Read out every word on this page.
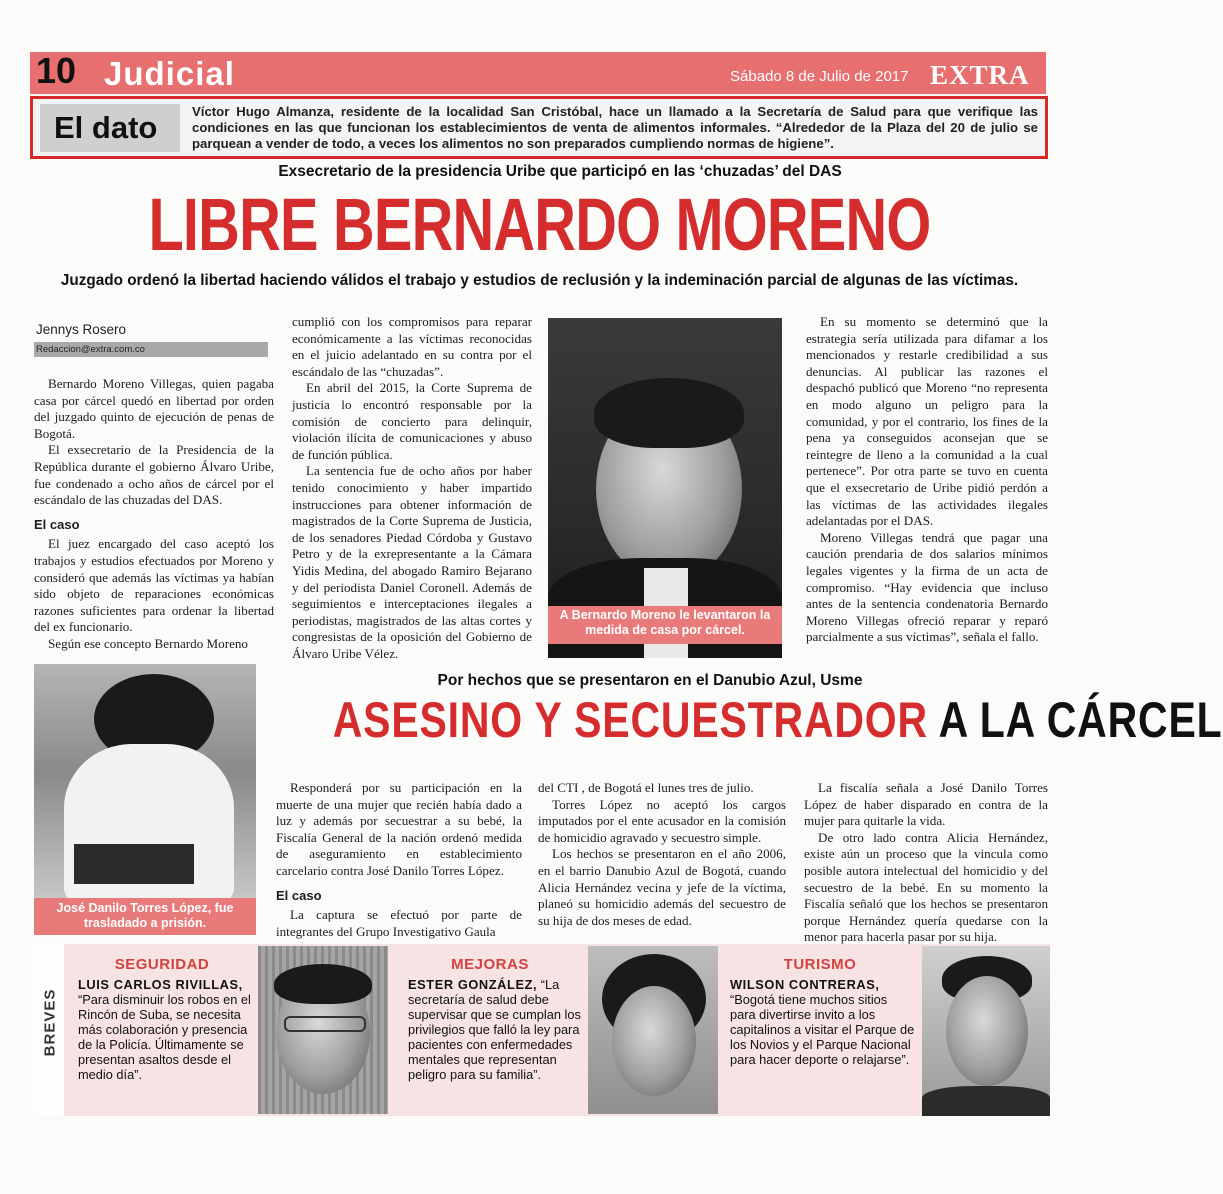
10 Judicial	Sábado 8 de Julio de 2017 EXTRA
El dato	Víctor Hugo Almanza, residente de la localidad San Cristóbal, hace un llamado a la Secretaría de Salud para que verifique las condiciones en las que funcionan los establecimientos de venta de alimentos informales. “Alrededor de la Plaza del 20 de julio se parquean a vender de todo, a veces los alimentos no son preparados cumpliendo normas de higiene”.
Exsecretario de la presidencia Uribe que participó en las ‘chuzadas’ del DAS
LIBRE BERNARDO MORENO
Juzgado ordenó la libertad haciendo válidos el trabajo y estudios de reclusión y la indeminación parcial de algunas de las víctimas.
Jennys Rosero
Redaccion@extra.com.co

Bernardo Moreno Villegas, quien pagaba casa por cárcel quedó en libertad por orden del juzgado quinto de ejecución de penas de Bogotá.

El exsecretario de la Presidencia de la República durante el gobierno Álvaro Uribe, fue condenado a ocho años de cárcel por el escándalo de las chuzadas del DAS.

El caso

El juez encargado del caso aceptó los trabajos y estudios efectuados por Moreno y consideró que además las víctimas ya habían sido objeto de reparaciones económicas razones suficientes para ordenar la libertad del ex funcionario.

Según ese concepto Bernardo Moreno

cumplió con los compromisos para reparar económicamente a las víctimas reconocidas en el juicio adelantado en su contra por el escándalo de las “chuzadas”.

En abril del 2015, la Corte Suprema de justicia lo encontró responsable por la comisión de concierto para delinquir, violación ilícita de comunicaciones y abuso de función pública.

La sentencia fue de ocho años por haber tenido conocimiento y haber impartido instrucciones para obtener información de magistrados de la Corte Suprema de Justicia, de los senadores Piedad Córdoba y Gustavo Petro y de la exrepresentante a la Cámara Yidis Medina, del abogado Ramiro Bejarano y del periodista Daniel Coronell. Además de seguimientos e interceptaciones ilegales a periodistas, magistrados de las altas cortes y congresistas de la oposición del Gobierno de Álvaro Uribe Vélez.

A Bernardo Moreno le levantaron la medida de casa por cárcel.

En su momento se determinó que la estrategia sería utilizada para difamar a los mencionados y restarle credibilidad a sus denuncias. Al publicar las razones el despachó publicó que Moreno “no representa en modo alguno un peligro para la comunidad, y por el contrario, los fines de la pena ya conseguidos aconsejan que se reintegre de lleno a la comunidad a la cual pertenece”. Por otra parte se tuvo en cuenta que el exsecretario de Uribe pidió perdón a las víctimas de las actividades ilegales adelantadas por el DAS.

Moreno Villegas tendrá que pagar una caución prendaria de dos salarios mínimos legales vigentes y la firma de un acta de compromiso. “Hay evidencia que incluso antes de la sentencia condenatoria Bernardo Moreno Villegas ofreció reparar y reparó parcialmente a sus víctimas”, señala el fallo.

José Danilo Torres López, fue trasladado a prisión.
Por hechos que se presentaron en el Danubio Azul, Usme
ASESINO Y SECUESTRADOR A LA CÁRCEL

Responderá por su participación en la muerte de una mujer que recién había dado a luz y además por secuestrar a su bebé, la Fiscalía General de la nación ordenó medida de aseguramiento en establecimiento carcelario contra José Danilo Torres López.

El caso

La captura se efectuó por parte de integrantes del Grupo Investigativo Gaula

del CTI , de Bogotá el lunes tres de julio.

Torres López no aceptó los cargos imputados por el ente acusador en la comisión de homicidio agravado y secuestro simple.

Los hechos se presentaron en el año 2006, en el barrio Danubio Azul de Bogotá, cuando Alicia Hernández vecina y jefe de la víctima, planeó su homicidio además del secuestro de su hija de dos meses de edad.

La fiscalía señala a José Danilo Torres López de haber disparado en contra de la mujer para quitarle la vida.

De otro lado contra Alicia Hernández, existe aún un proceso que la vincula como posible autora intelectual del homicidio y del secuestro de la bebé. En su momento la Fiscalía señaló que los hechos se presentaron porque Hernández quería quedarse con la menor para hacerla pasar por su hija.

BREVES
SEGURIDAD
LUIS CARLOS RIVILLAS, “Para disminuir los robos en el Rincón de Suba, se necesita más colaboración y presencia de la Policía. Últimamente se presentan asaltos desde el medio día”.
MEJORAS
ESTER GONZÁLEZ, “La secretaría de salud debe supervisar que se cumplan los privilegios que falló la ley para pacientes con enfermedades mentales que representan peligro para su familia”.
TURISMO
WILSON CONTRERAS, “Bogotá tiene muchos sitios para divertirse invito a los capitalinos a visitar el Parque de los Novios y el Parque Nacional para hacer deporte o relajarse”.
